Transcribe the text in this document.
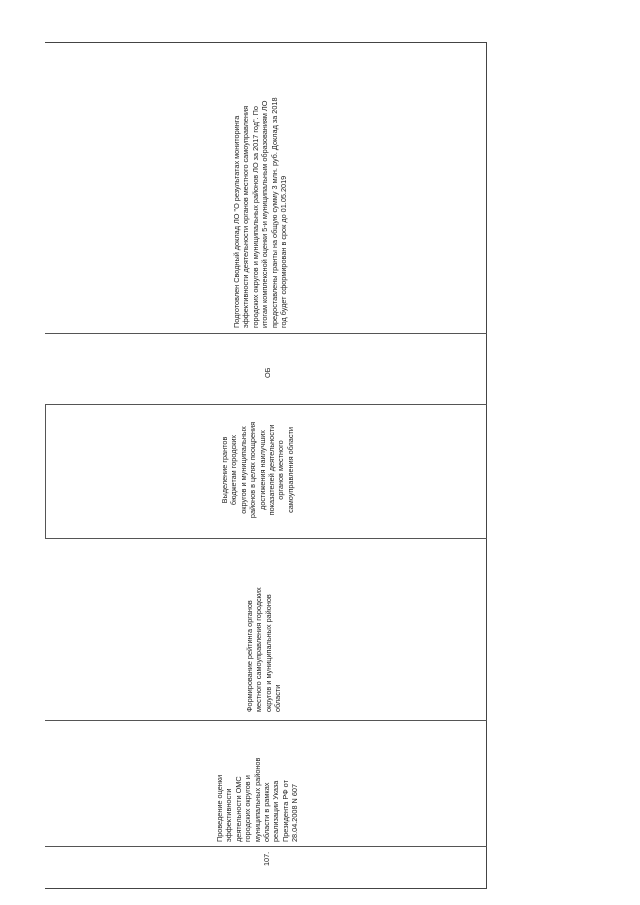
107.
Проведение оценки
эффективности
деятельности ОМС
городских округов и
муниципальных районов
области в рамках
реализации Указа
Президента РФ от
28.04.2008 N 607
Формирование рейтинга органов
местного самоуправления городских
округов и муниципальных районов
области
Выделение грантов
бюджетам городских
округов и муниципальных
районов в целях поощрения
достижения наилучших
показателей деятельности
органов местного
самоуправления области
ОБ
Подготовлен Сводный доклад ЛО "О результатах мониторинга
эффективности деятельности органов местного самоуправления
городских округов и муниципальных районов ЛО за 2017 год". По
итогам комплексной оценки 5-и муниципальным образованиям ЛО
предоставлены гранты на общую сумму 3 млн. руб. Доклад за 2018
год будет сформирован в срок до 01.05.2019
